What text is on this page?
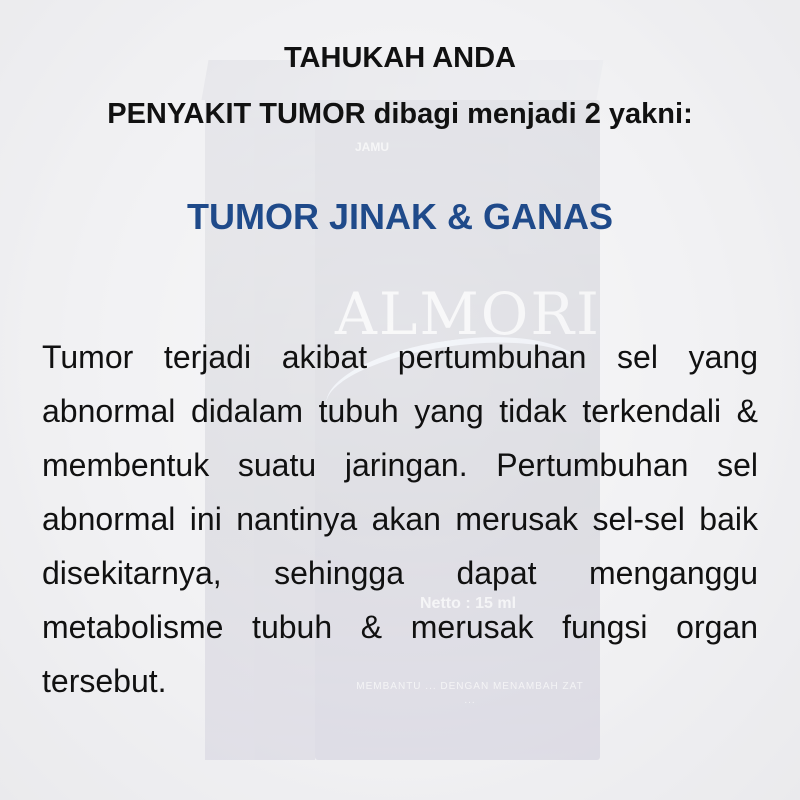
JAMU
ALMORI
Netto : 15 ml
MEMBANTU ... DENGAN MENAMBAH ZAT ...
TAHUKAH ANDA
PENYAKIT TUMOR dibagi menjadi 2 yakni:
TUMOR JINAK & GANAS
Tumor terjadi akibat pertumbuhan sel yang abnormal didalam tubuh yang tidak terkendali & membentuk suatu jaringan. Pertumbuhan sel abnormal ini nantinya akan merusak sel-sel baik disekitarnya, sehingga dapat menganggu metabolisme tubuh & merusak fungsi organ tersebut.
